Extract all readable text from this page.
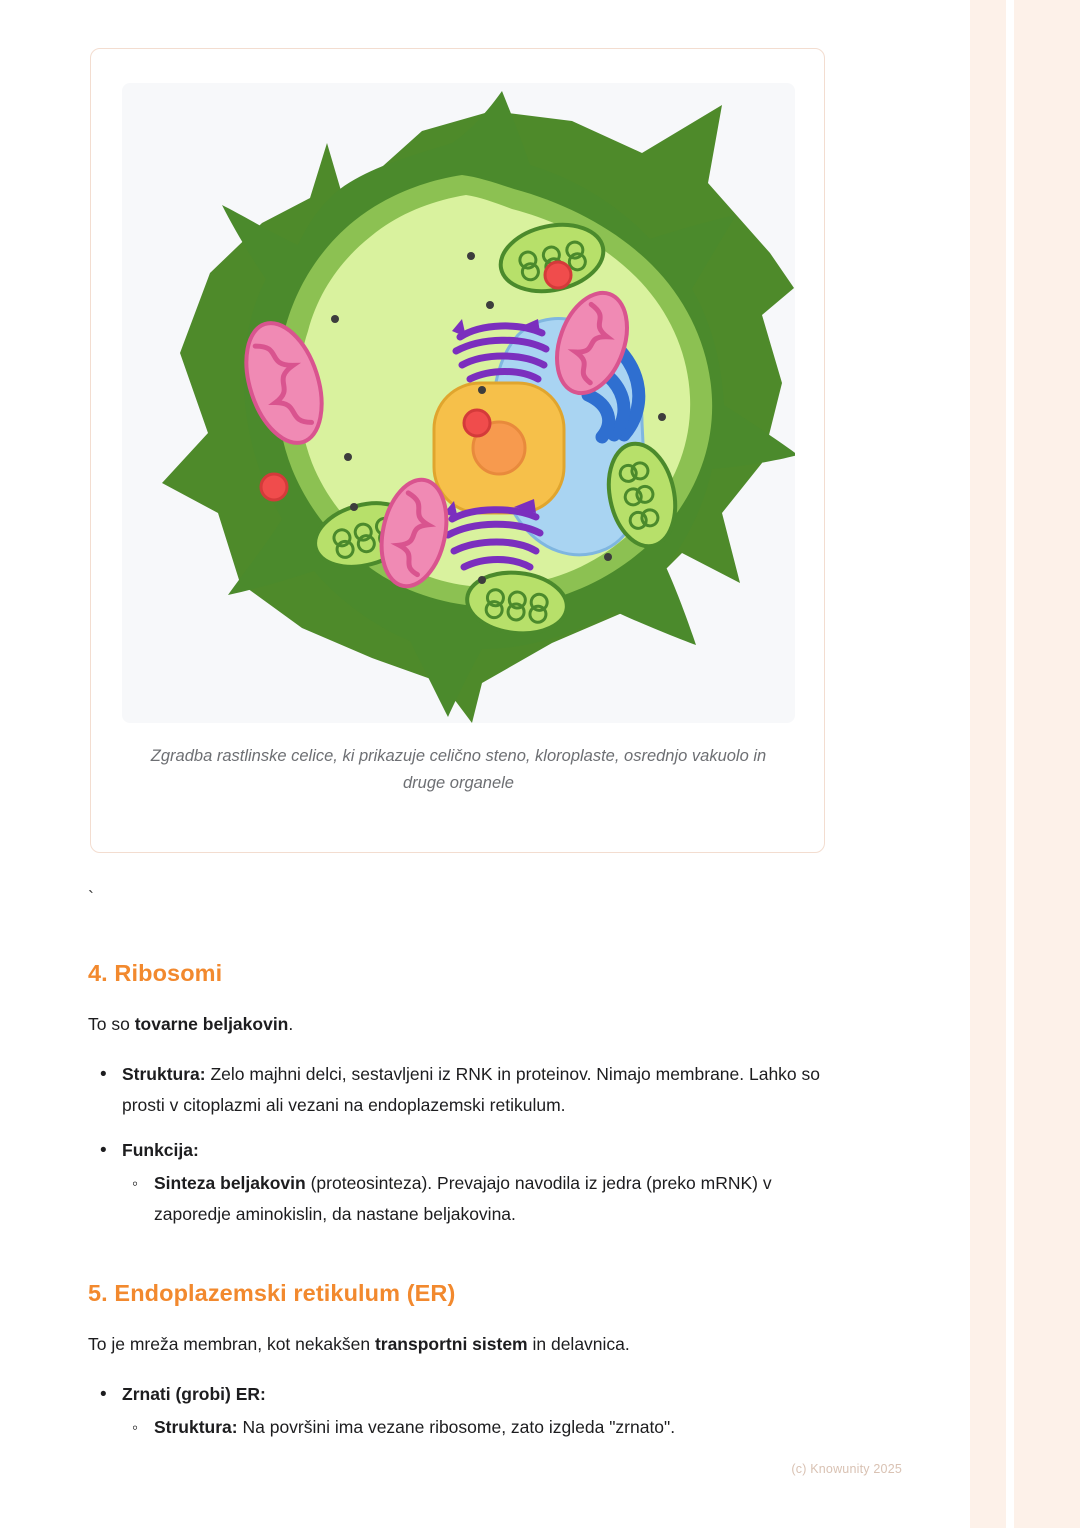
Zgradba rastlinske celice, ki prikazuje celično steno, kloroplaste, osrednjo vakuolo in druge organele
`
4. Ribosomi

To so tovarne beljakovin.

• Struktura: Zelo majhni delci, sestavljeni iz RNK in proteinov. Nimajo membrane. Lahko so prosti v citoplazmi ali vezani na endoplazemski retikulum.
• Funkcija:
◦ Sinteza beljakovin (proteosinteza). Prevajajo navodila iz jedra (preko mRNK) v zaporedje aminokislin, da nastane beljakovina.
5. Endoplazemski retikulum (ER)

To je mreža membran, kot nekakšen transportni sistem in delavnica.

• Zrnati (grobi) ER:
◦ Struktura: Na površini ima vezane ribosome, zato izgleda "zrnato".
(c) Knowunity 2025
